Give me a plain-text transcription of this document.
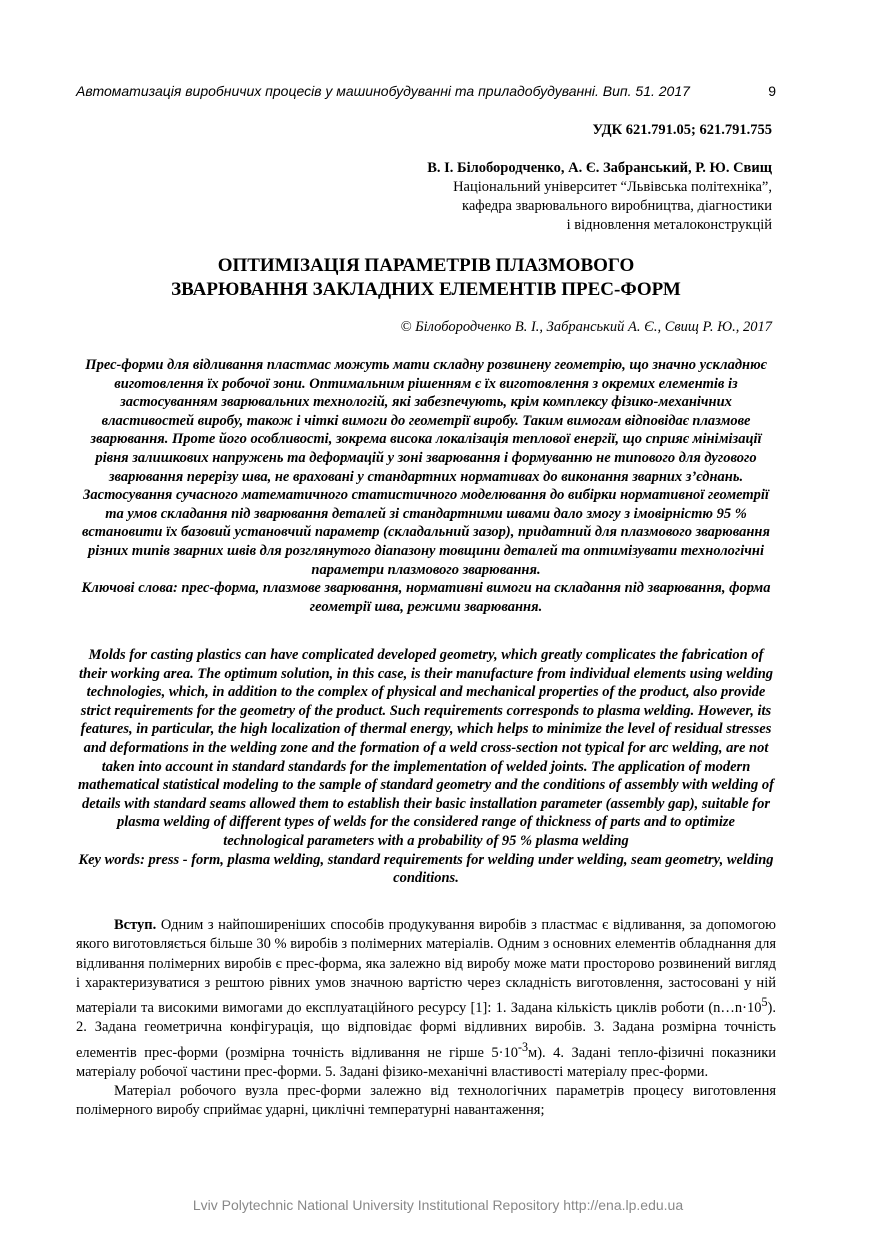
Автоматизація виробничих процесів у машинобудуванні та приладобудуванні. Вип. 51. 2017	9
УДК 621.791.05; 621.791.755
В. І. Білобородченко, А. Є. Забранський, Р. Ю. Свищ
Національний університет “Львівська політехніка”,
кафедра зварювального виробництва, діагностики
і відновлення металоконструкцій
ОПТИМІЗАЦІЯ ПАРАМЕТРІВ ПЛАЗМОВОГО
ЗВАРЮВАННЯ ЗАКЛАДНИХ ЕЛЕМЕНТІВ ПРЕС-ФОРМ
© Білобородченко В. І., Забранський А. Є., Свищ Р. Ю., 2017

Прес-форми для відливання пластмас можуть мати складну розвинену геометрію, що значно ускладнює виготовлення їх робочої зони. Оптимальним рішенням є їх виготовлення з окремих елементів із застосуванням зварювальних технологій, які забезпечують, крім комплексу фізико-механічних властивостей виробу, також і чіткі вимоги до геометрії виробу. Таким вимогам відповідає плазмове зварювання. Проте його особливості, зокрема висока локалізація теплової енергії, що сприяє мінімізації рівня залишкових напружень та деформацій у зоні зварювання і формуванню не типового для дугового зварювання перерізу шва, не враховані у стандартних нормативах до виконання зварних з’єднань. Застосування сучасного математичного статистичного моделювання до вибірки нормативної геометрії та умов складання під зварювання деталей зі стандартними швами дало змогу з імовірністю 95 % встановити їх базовий установчий параметр (складальний зазор), придатний для плазмового зварювання різних типів зварних швів для розглянутого діапазону товщини деталей та оптимізувати технологічні параметри плазмового зварювання.

Ключові слова: прес-форма, плазмове зварювання, нормативні вимоги на складання під зварювання, форма геометрії шва, режими зварювання.

Molds for casting plastics can have complicated developed geometry, which greatly complicates the fabrication of their working area. The optimum solution, in this case, is their manufacture from individual elements using welding technologies, which, in addition to the complex of physical and mechanical properties of the product, also provide strict requirements for the geometry of the product. Such requirements corresponds to plasma welding. However, its features, in particular, the high localization of thermal energy, which helps to minimize the level of residual stresses and deformations in the welding zone and the formation of a weld cross-section not typical for arc welding, are not taken into account in standard standards for the implementation of welded joints. The application of modern mathematical statistical modeling to the sample of standard geometry and the conditions of assembly with welding of details with standard seams allowed them to establish their basic installation parameter (assembly gap), suitable for plasma welding of different types of welds for the considered range of thickness of parts and to optimize technological parameters with a probability of 95 % plasma welding

Key words: press - form, plasma welding, standard requirements for welding under welding, seam geometry, welding conditions.

Вступ. Одним з найпоширеніших способів продукування виробів з пластмас є відливання, за допомогою якого виготовляється більше 30 % виробів з полімерних матеріалів. Одним з основних елементів обладнання для відливання полімерних виробів є прес-форма, яка залежно від виробу може мати просторово розвинений вигляд і характеризуватися з рештою рівних умов значною вартістю через складність виготовлення, застосовані у ній матеріали та високими вимогами до експлуатаційного ресурсу [1]: 1. Задана кількість циклів роботи $(n\dots n\cdot 10^5)$. 2. Задана геометрична конфігурація, що відповідає формі відливних виробів. 3. Задана розмірна точність елементів прес-форми (розмірна точність відливання не гірше $5\cdot 10^{-3}м$). 4. Задані тепло-фізичні показники матеріалу робочої частини прес-форми. 5. Задані фізико-механічні властивості матеріалу прес-форми.

Матеріал робочого вузла прес-форми залежно від технологічних параметрів процесу виготовлення полімерного виробу сприймає ударні, циклічні температурні навантаження;

Lviv Polytechnic National University Institutional Repository http://ena.lp.edu.ua
